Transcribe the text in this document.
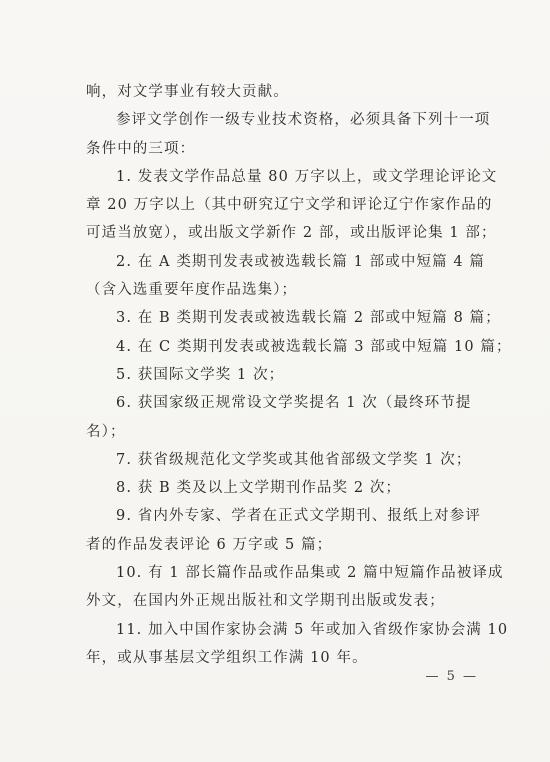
响，对文学事业有较大贡献。
参评文学创作一级专业技术资格，必须具备下列十一项
条件中的三项：
1. 发表文学作品总量 80 万字以上，或文学理论评论文
章 20 万字以上（其中研究辽宁文学和评论辽宁作家作品的
可适当放宽），或出版文学新作 2 部，或出版评论集 1 部；
2. 在 A 类期刊发表或被选载长篇 1 部或中短篇 4 篇
（含入选重要年度作品选集）；
3. 在 B 类期刊发表或被选载长篇 2 部或中短篇 8 篇；
4. 在 C 类期刊发表或被选载长篇 3 部或中短篇 10 篇；
5. 获国际文学奖 1 次；
6. 获国家级正规常设文学奖提名 1 次（最终环节提
名）；
7. 获省级规范化文学奖或其他省部级文学奖 1 次；
8. 获 B 类及以上文学期刊作品奖 2 次；
9. 省内外专家、学者在正式文学期刊、报纸上对参评
者的作品发表评论 6 万字或 5 篇；
10. 有 1 部长篇作品或作品集或 2 篇中短篇作品被译成
外文，在国内外正规出版社和文学期刊出版或发表；
11. 加入中国作家协会满 5 年或加入省级作家协会满 10
年，或从事基层文学组织工作满 10 年。
— 5 —
